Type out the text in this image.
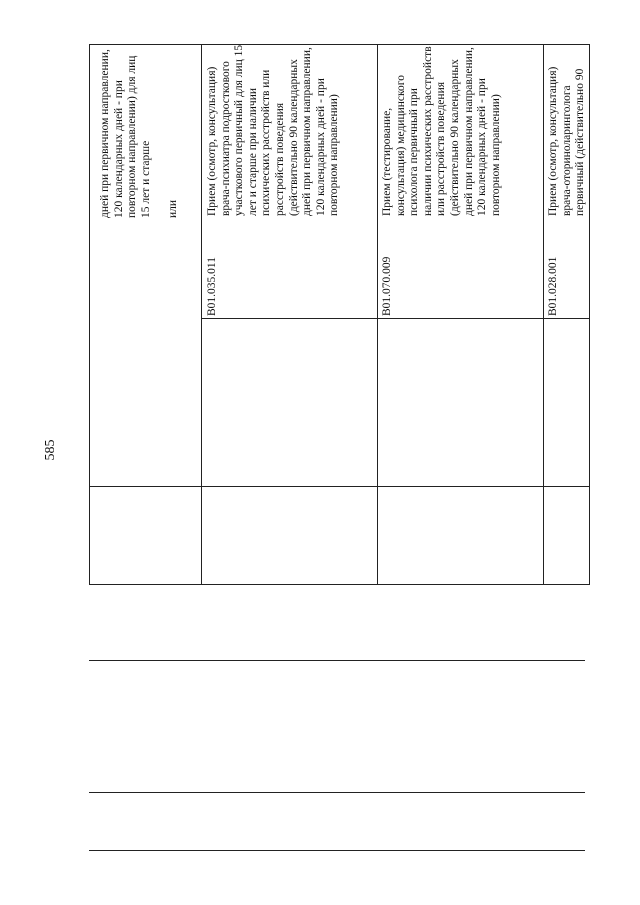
585
дней при первичном направлении, 120 календарных дней - при повторном направлении) для лиц 15 лет и старше

или
B01.035.011
Прием (осмотр, консультация) врача-психиатра подросткового участкового первичный для лиц 15 лет и старше при наличии психических расстройств или расстройств поведения (действительно 90 календарных дней при первичном направлении, 120 календарных дней - при повторном направлении)
B01.070.009
Прием (тестирование, консультация) медицинского психолога первичный при наличии психических расстройств или расстройств поведения (действительно 90 календарных дней при первичном направлении, 120 календарных дней - при повторном направлении)
B01.028.001
Прием (осмотр, консультация) врача-оториноларинголога первичный (действительно 90
